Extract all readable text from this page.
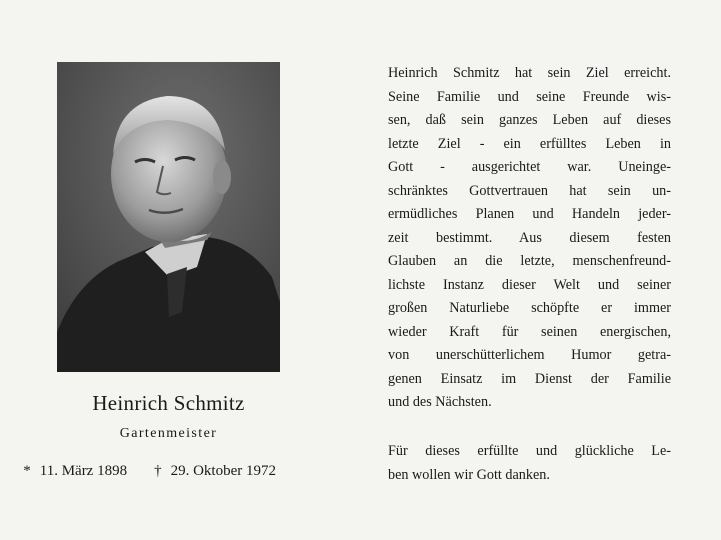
Heinrich Schmitz
Gartenmeister
* 11. März 1898 † 29. Oktober 1972
Heinrich Schmitz hat sein Ziel erreicht.
Seine Familie und seine Freunde wis-
sen, daß sein ganzes Leben auf dieses
letzte Ziel - ein erfülltes Leben in
Gott - ausgerichtet war. Uneinge-
schränktes Gottvertrauen hat sein un-
ermüdliches Planen und Handeln jeder-
zeit bestimmt. Aus diesem festen
Glauben an die letzte, menschenfreund-
lichste Instanz dieser Welt und seiner
großen Naturliebe schöpfte er immer
wieder Kraft für seinen energischen,
von unerschütterlichem Humor getra-
genen Einsatz im Dienst der Familie
und des Nächsten.
Für dieses erfüllte und glückliche Le-
ben wollen wir Gott danken.
